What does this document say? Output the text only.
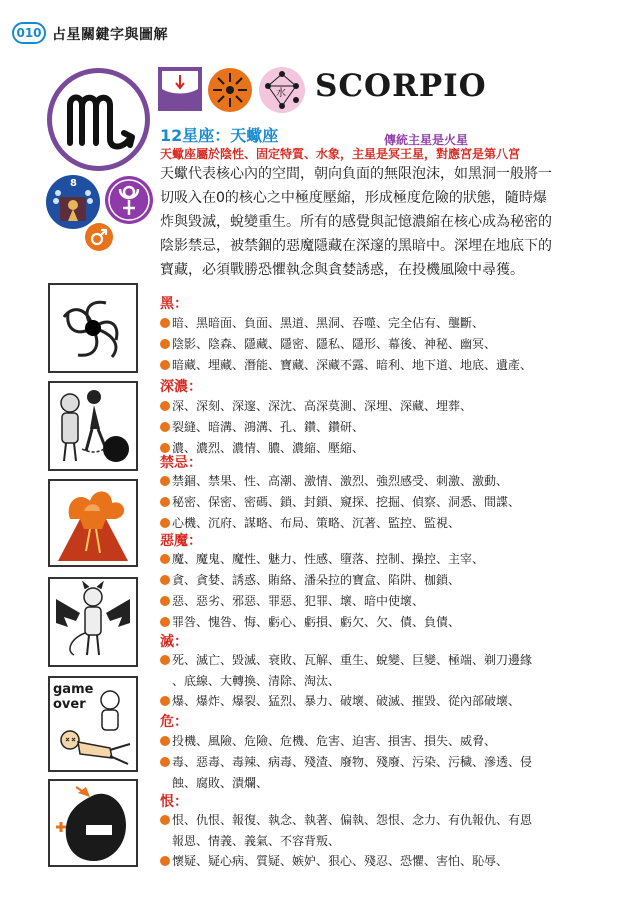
010 占星關鍵字與圖解
水 SCORPIO
8
12星座：天蠍座	傳統主星是火星
天蠍座屬於陰性、固定特質、水象，主星是冥王星，對應宮是第八宮

天蠍代表核心內的空間，朝向負面的無限泡沫，如黑洞一般將一

切吸入在0的核心之中極度壓縮，形成極度危險的狀態，隨時爆

炸與毀滅，蛻變重生。所有的感覺與記憶濃縮在核心成為秘密的

陰影禁忌，被禁錮的惡魔隱藏在深邃的黑暗中。深埋在地底下的

寶藏，必須戰勝恐懼執念與貪婪誘惑，在投機風險中尋獲。

game
over
黑：
暗、黑暗面、負面、黑道、黑洞、吞噬、完全佔有、壟斷、
陰影、陰森、隱藏、隱密、隱私、隱形、幕後、神秘、幽冥、
暗藏、埋藏、潛能、寶藏、深藏不露、暗利、地下道、地底、遺產、
深濃：
深、深刻、深邃、深沈、高深莫測、深埋、深藏、埋葬、
裂縫、暗溝、鴻溝、孔、鑽、鑽研、
濃、濃烈、濃情、膿、濃縮、壓縮、
禁忌：
禁錮、禁果、性、高潮、激情、激烈、強烈感受、刺激、激動、
秘密、保密、密碼、鎖、封鎖、窺探、挖掘、偵察、洞悉、間諜、
心機、沉府、謀略、布局、策略、沉著、監控、監視、
惡魔：
魔、魔鬼、魔性、魅力、性感、墮落、控制、操控、主宰、
貪、貪婪、誘惑、賄絡、潘朵拉的寶盒、陷阱、枷鎖、
惡、惡劣、邪惡、罪惡、犯罪、壞、暗中使壞、
罪咎、愧咎、悔、虧心、虧損、虧欠、欠、債、負債、
滅：
死、滅亡、毀滅、衰敗、瓦解、重生、蛻變、巨變、極端、剃刀邊緣
、底線、大轉換、清除、淘汰、
爆、爆炸、爆裂、猛烈、暴力、破壞、破滅、摧毀、從內部破壞、
危：
投機、風險、危險、危機、危害、迫害、損害、損失、威脅、
毒、惡毒、毒辣、病毒、殘渣、廢物、殘廢、污染、污穢、滲透、侵
蝕、腐敗、潰爛、
恨：
恨、仇恨、報復、執念、執著、偏執、怨恨、念力、有仇報仇、有恩
報恩、情義、義氣、不容背叛、
懷疑、疑心病、質疑、嫉妒、狠心、殘忍、恐懼、害怕、恥辱、
